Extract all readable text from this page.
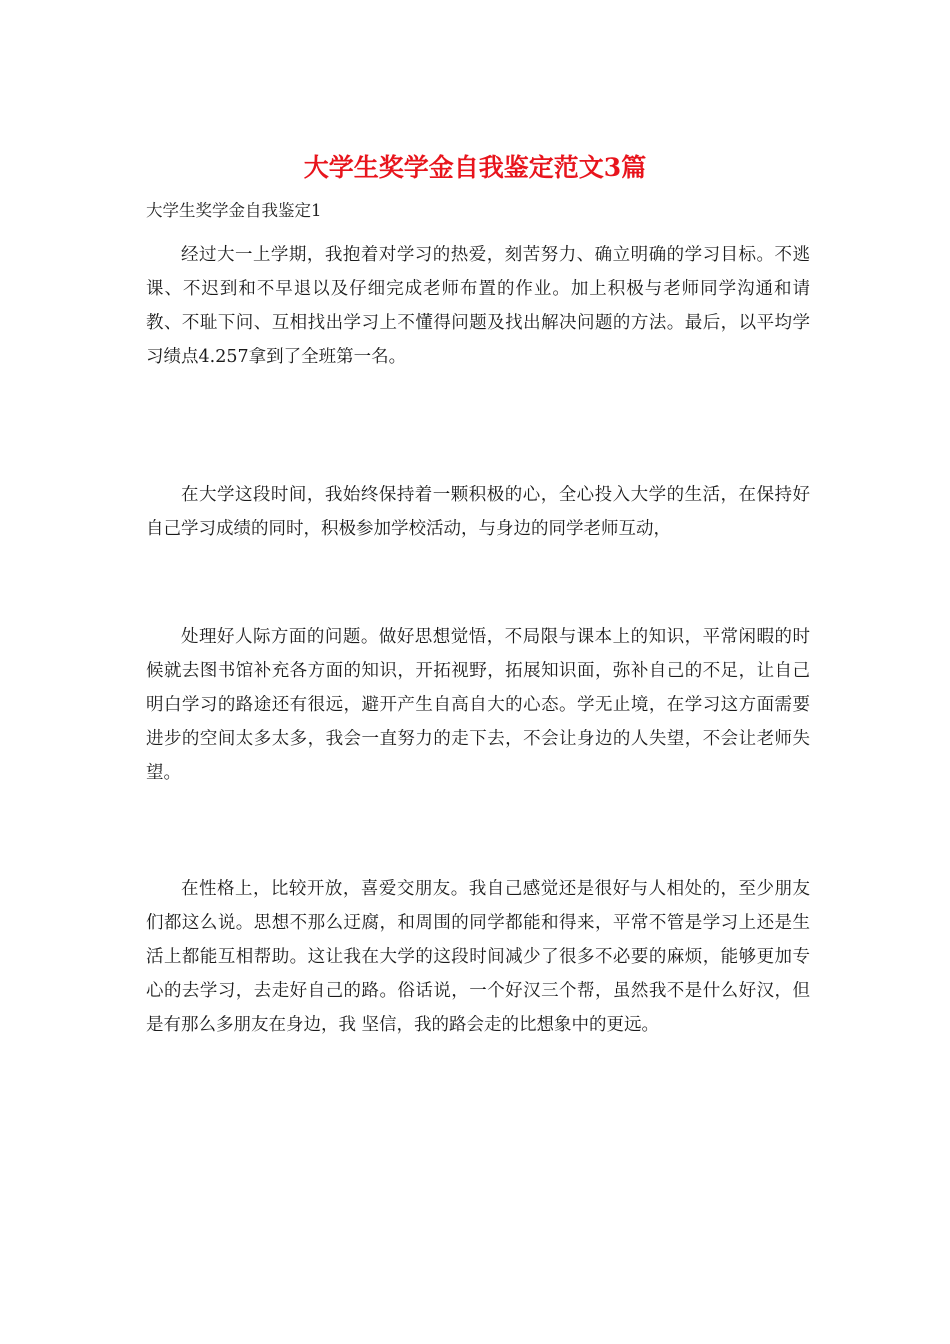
大学生奖学金自我鉴定范文3篇

大学生奖学金自我鉴定1

经过大一上学期，我抱着对学习的热爱，刻苦努力、确立明确的学习目标。不逃课、不迟到和不早退以及仔细完成老师布置的作业。加上积极与老师同学沟通和请教、不耻下问、互相找出学习上不懂得问题及找出解决问题的方法。最后，以平均学习绩点4.257拿到了全班第一名。

在大学这段时间，我始终保持着一颗积极的心，全心投入大学的生活，在保持好自己学习成绩的同时，积极参加学校活动，与身边的同学老师互动，

处理好人际方面的问题。做好思想觉悟，不局限与课本上的知识，平常闲暇的时候就去图书馆补充各方面的知识，开拓视野，拓展知识面，弥补自己的不足，让自己明白学习的路途还有很远，避开产生自高自大的心态。学无止境，在学习这方面需要进步的空间太多太多，我会一直努力的走下去，不会让身边的人失望，不会让老师失望。

在性格上，比较开放，喜爱交朋友。我自己感觉还是很好与人相处的，至少朋友们都这么说。思想不那么迂腐，和周围的同学都能和得来，平常不管是学习上还是生活上都能互相帮助。这让我在大学的这段时间减少了很多不必要的麻烦，能够更加专心的去学习，去走好自己的路。俗话说，一个好汉三个帮，虽然我不是什么好汉，但是有那么多朋友在身边，我 坚信，我的路会走的比想象中的更远。
